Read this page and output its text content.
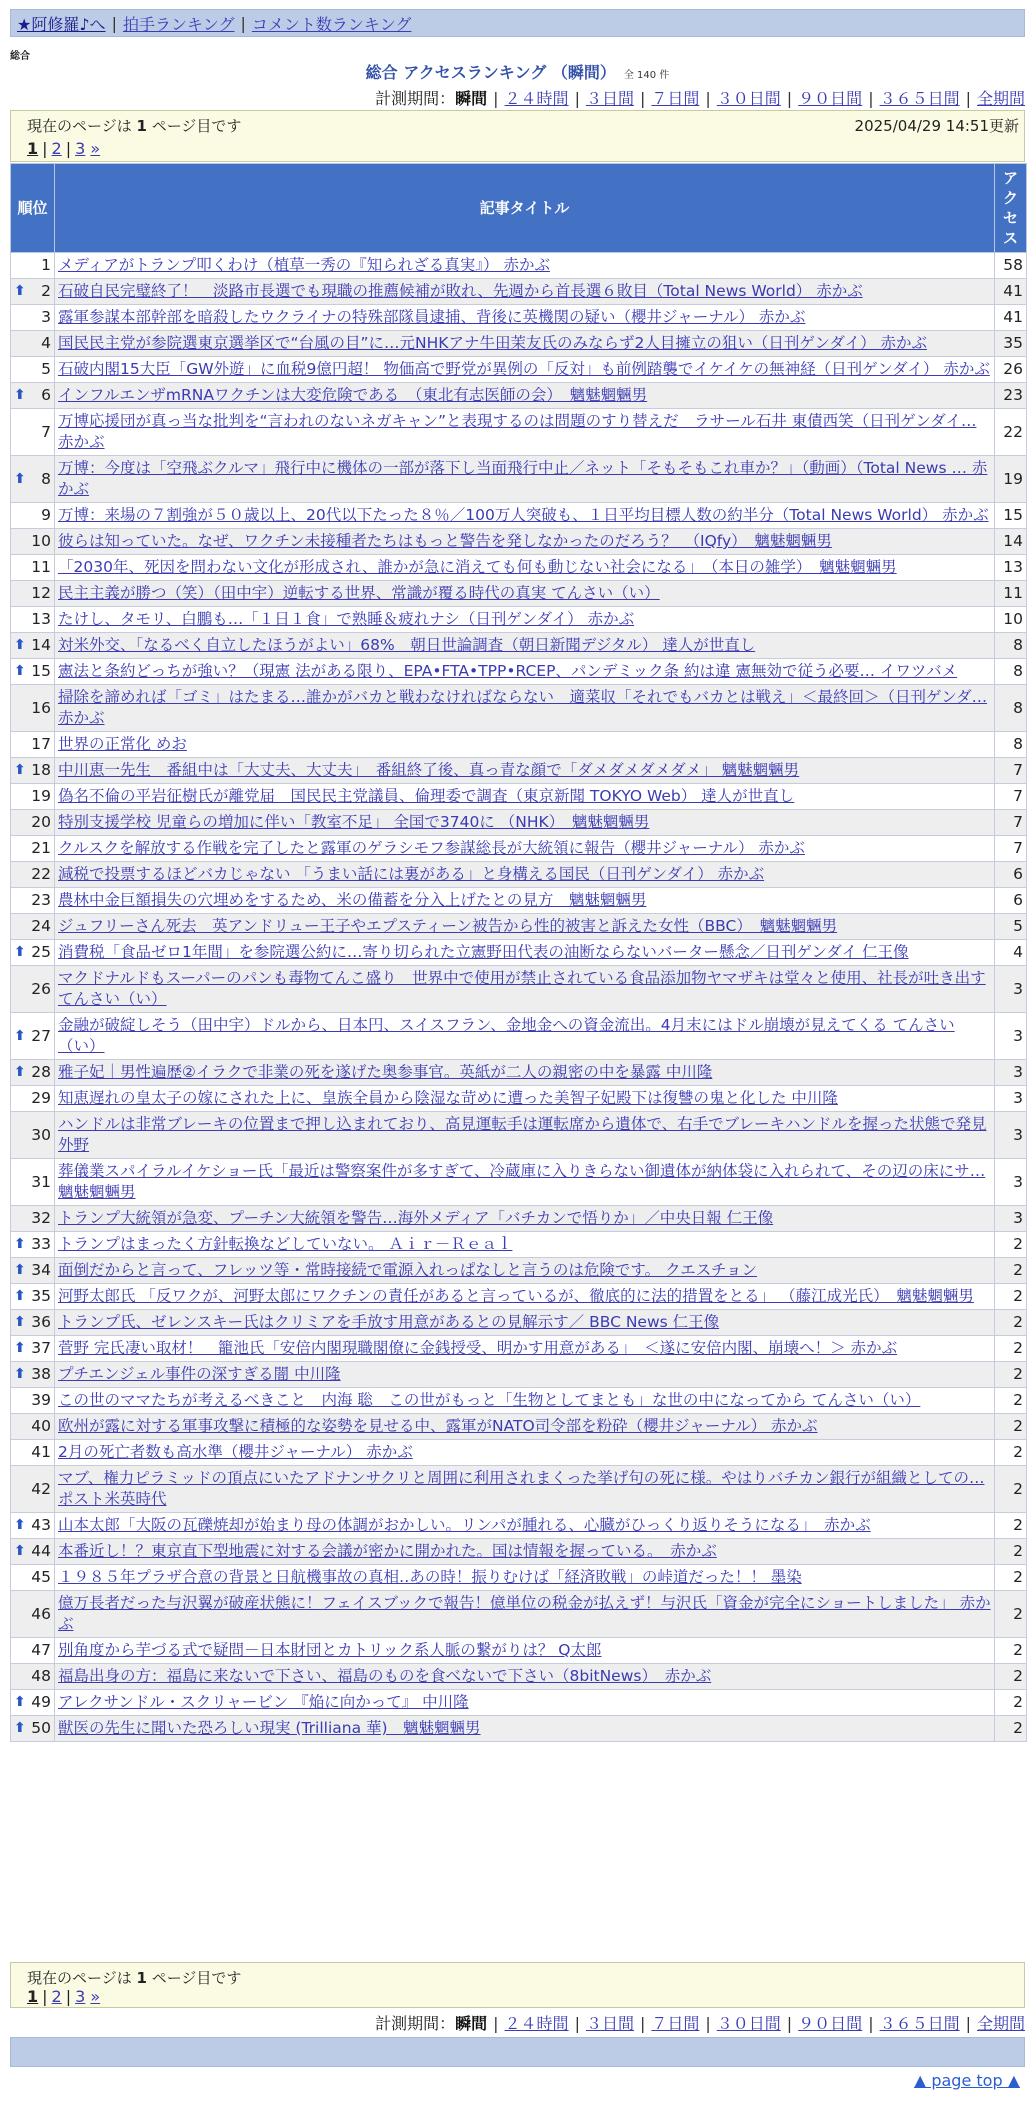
★阿修羅♪へ | 拍手ランキング | コメント数ランキング
総合
総合 アクセスランキング （瞬間） 全 140 件
計測期間：瞬間 | ２４時間 | ３日間 | ７日間 | ３０日間 | ９０日間 | ３６５日間 | 全期間
現在のページは 1 ページ目です	2025/04/29 14:51更新
1 | 2 | 3 »
順位	記事タイトル	アクセス
1	メディアがトランプ叩くわけ（植草一秀の『知られざる真実』） 赤かぶ	58

⬆ 2	石破自民完璧終了！　淡路市長選でも現職の推薦候補が敗れ、先週から首長選６敗目（Total News World） 赤かぶ	41
3	露軍参謀本部幹部を暗殺したウクライナの特殊部隊員逮捕、背後に英機関の疑い（櫻井ジャーナル） 赤かぶ	41
4	国民民主党が参院選東京選挙区で“台風の目”に…元NHKアナ牛田茉友氏のみならず2人目擁立の狙い（日刊ゲンダイ） 赤かぶ	35
5	石破内閣15大臣「GW外遊」に血税9億円超！ 物価高で野党が異例の「反対」も前例踏襲でイケイケの無神経（日刊ゲンダイ） 赤かぶ	26

⬆ 6	インフルエンザmRNAワクチンは大変危険である　（東北有志医師の会）　魑魅魍魎男	23
7	万博応援団が真っ当な批判を“言われのないネガキャン”と表現するのは問題のすり替えだ　ラサール石井 東債西笑（日刊ゲンダイ… 赤かぶ	22

⬆ 8	万博：今度は「空飛ぶクルマ」飛行中に機体の一部が落下し当面飛行中止／ネット「そもそもこれ車か？」（動画）（Total News … 赤かぶ	19
9	万博：来場の７割強が５０歳以上、20代以下たった８％／100万人突破も、１日平均目標人数の約半分（Total News World） 赤かぶ	15
10	彼らは知っていた。なぜ、ワクチン未接種者たちはもっと警告を発しなかったのだろう？　（IQfy）　魑魅魍魎男	14
11	「2030年、死因を問わない文化が形成され、誰かが急に消えても何も動じない社会になる」　（本日の雑学）　魑魅魍魎男	13
12	民主主義が勝つ（笑）（田中宇）逆転する世界、常識が覆る時代の真実 てんさい（い）	11
13	たけし、タモリ、白鵬も…「１日１食」で熟睡＆疲れナシ（日刊ゲンダイ） 赤かぶ	10

⬆ 14	対米外交、「なるべく自立したほうがよい」68%　朝日世論調査（朝日新聞デジタル） 達人が世直し	8

⬆ 15	憲法と条約どっちが強い？（現憲 法がある限り、EPA•FTA•TPP•RCEP、パンデミック条 約は違 憲無効で従う必要… イワツバメ	8
16	掃除を諦めれば「ゴミ」はたまる…誰かがバカと戦わなければならない　適菜収「それでもバカとは戦え」＜最終回＞（日刊ゲンダ… 赤かぶ	8
17	世界の正常化 めお	8

⬆ 18	中川恵一先生　番組中は「大丈夫、大丈夫」　番組終了後、真っ青な顔で「ダメダメダメダメ」 魑魅魍魎男	7
19	偽名不倫の平岩征樹氏が離党届　国民民主党議員、倫理委で調査（東京新聞 TOKYO Web） 達人が世直し	7
20	特別支援学校 児童らの増加に伴い「教室不足」 全国で3740に （NHK）　魑魅魍魎男	7
21	クルスクを解放する作戦を完了したと露軍のゲラシモフ参謀総長が大統領に報告（櫻井ジャーナル） 赤かぶ	7
22	減税で投票するほどバカじゃない 「うまい話には裏がある」と身構える国民（日刊ゲンダイ） 赤かぶ	6
23	農林中金巨額損失の穴埋めをするため、米の備蓄を分入上げたとの見方　魑魅魍魎男	6
24	ジュフリーさん死去　英アンドリュー王子やエプスティーン被告から性的被害と訴えた女性（BBC）　魑魅魍魎男	5

⬆ 25	消費税「食品ゼロ1年間」を参院選公約に…寄り切られた立憲野田代表の油断ならないバーター懸念／日刊ゲンダイ 仁王像	4
26	マクドナルドもスーパーのパンも毒物てんこ盛り　世界中で使用が禁止されている食品添加物ヤマザキは堂々と使用、社長が吐き出す てんさい（い）	3

⬆ 27	金融が破綻しそう（田中宇）ドルから、日本円、スイスフラン、金地金への資金流出。4月末にはドル崩壊が見えてくる てんさい（い）	3

⬆ 28	雅子妃｜男性遍歴②イラクで非業の死を遂げた奥参事官。英紙が二人の親密の中を暴露 中川隆	3
29	知恵遅れの皇太子の嫁にされた上に、皇族全員から陰湿な苛めに遭った美智子妃殿下は復讐の鬼と化した 中川隆	3
30	ハンドルは非常ブレーキの位置まで押し込まれており、高見運転手は運転席から遺体で、右手でブレーキハンドルを握った状態で発見 外野	3
31	葬儀業スパイラルイケショー氏「最近は警察案件が多すぎて、冷蔵庫に入りきらない御遺体が納体袋に入れられて、その辺の床にサ… 魑魅魍魎男	3
32	トランプ大統領が急変、プーチン大統領を警告…海外メディア「バチカンで悟りか」／中央日報 仁王像	3

⬆ 33	トランプはまったく方針転換などしていない。 Ａｉｒ－Ｒｅａｌ	2

⬆ 34	面倒だからと言って、フレッツ等・常時接続で電源入れっぱなしと言うのは危険です。 クエスチョン	2

⬆ 35	河野太郎氏 「反ワクが、河野太郎にワクチンの責任があると言っているが、徹底的に法的措置をとる」 （藤江成光氏）　魑魅魍魎男	2

⬆ 36	トランプ氏、ゼレンスキー氏はクリミアを手放す用意があるとの見解示す／ BBC News 仁王像	2

⬆ 37	菅野 完氏凄い取材！　籠池氏「安倍内閣現職閣僚に金銭授受、明かす用意がある」　＜遂に安倍内閣、崩壊へ！＞ 赤かぶ	2

⬆ 38	プチエンジェル事件の深すぎる闇 中川隆	2
39	この世のママたちが考えるべきこと　内海 聡　この世がもっと「生物としてまとも」な世の中になってから てんさい（い）	2
40	欧州が露に対する軍事攻撃に積極的な姿勢を見せる中、露軍がNATO司令部を粉砕（櫻井ジャーナル） 赤かぶ	2
41	2月の死亡者数も高水準（櫻井ジャーナル） 赤かぶ	2
42	マブ、権力ピラミッドの頂点にいたアドナンサクリと周囲に利用されまくった挙げ句の死に様。やはりバチカン銀行が組織としての… ポスト米英時代	2

⬆ 43	山本太郎「大阪の瓦礫焼却が始まり母の体調がおかしい。リンパが腫れる、心臓がひっくり返りそうになる」　赤かぶ	2

⬆ 44	本番近し！？東京直下型地震に対する会議が密かに開かれた。国は情報を握っている。　赤かぶ	2
45	１９８５年プラザ合意の背景と日航機事故の真相‥あの時！振りむけば「経済敗戦」の峠道だった！！ 墨染	2
46	億万長者だった与沢翼が破産状態に！フェイスブックで報告！億単位の税金が払えず！与沢氏「資金が完全にショートしました」 赤かぶ	2
47	別角度から芋づる式で疑問－日本財団とカトリック系人脈の繋がりは？ Q太郎	2
48	福島出身の方：福島に来ないで下さい、福島のものを食べないで下さい（8bitNews）　赤かぶ	2

⬆ 49	アレクサンドル・スクリャービン 『焔に向かって』 中川隆	2

⬆ 50	獣医の先生に聞いた恐ろしい現実 (Trilliana 華)　魑魅魍魎男	2
現在のページは 1 ページ目です
1 | 2 | 3 »
計測期間：瞬間 | ２４時間 | ３日間 | ７日間 | ３０日間 | ９０日間 | ３６５日間 | 全期間
▲ page top ▲
